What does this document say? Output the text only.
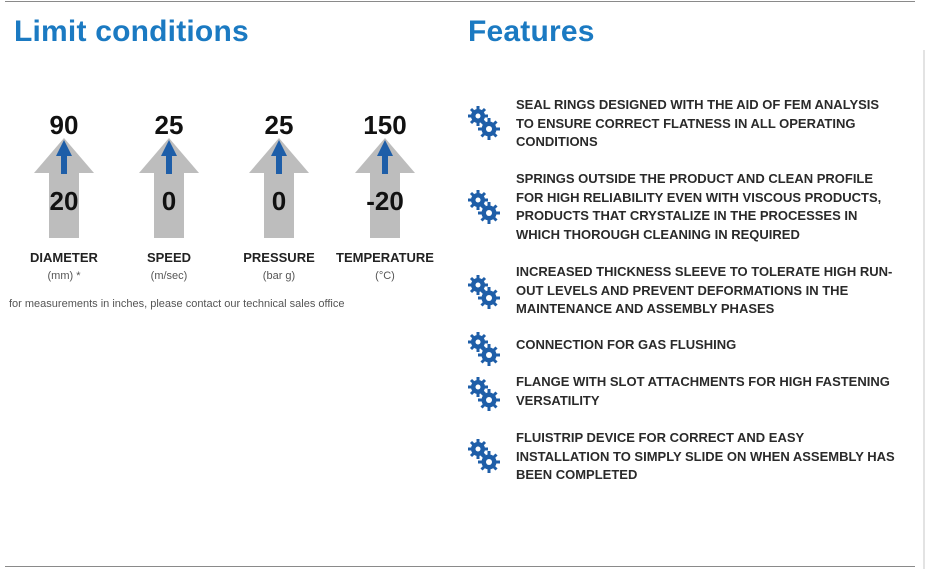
Limit conditions	Features
90
20
DIAMETER
(mm) *
25
0
SPEED
(m/sec)
25
0
PRESSURE
(bar g)
150
-20
TEMPERATURE
(°C)
for measurements in inches, please contact our technical sales office
SEAL RINGS DESIGNED WITH THE AID OF FEM ANALYSIS TO ENSURE CORRECT FLATNESS IN ALL OPERATING CONDITIONS
SPRINGS OUTSIDE THE PRODUCT AND CLEAN PROFILE FOR HIGH RELIABILITY EVEN WITH VISCOUS PRODUCTS, PRODUCTS THAT CRYSTALIZE IN THE PROCESSES IN WHICH THOROUGH CLEANING IN REQUIRED
INCREASED THICKNESS SLEEVE TO TOLERATE HIGH RUN-OUT LEVELS AND PREVENT DEFORMATIONS IN THE MAINTENANCE AND ASSEMBLY PHASES
CONNECTION FOR GAS FLUSHING
FLANGE WITH SLOT ATTACHMENTS FOR HIGH FASTENING VERSATILITY
FLUISTRIP DEVICE FOR CORRECT AND EASY INSTALLATION TO SIMPLY SLIDE ON WHEN ASSEMBLY HAS BEEN COMPLETED
